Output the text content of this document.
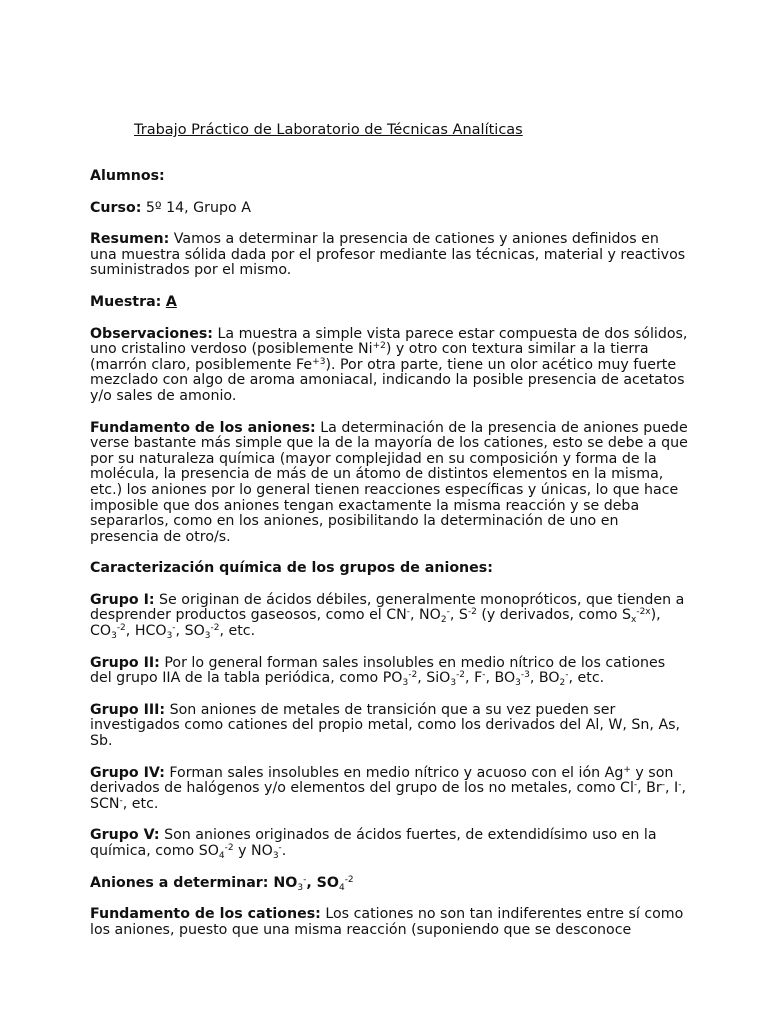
Trabajo Práctico de Laboratorio de Técnicas Analíticas

Alumnos:

Curso: 5º 14, Grupo A

Resumen: Vamos a determinar la presencia de cationes y aniones definidos en una muestra sólida dada por el profesor mediante las técnicas, material y reactivos suministrados por el mismo.

Muestra: A

Observaciones: La muestra a simple vista parece estar compuesta de dos sólidos, uno cristalino verdoso (posiblemente $Ni^{+2}$) y otro con textura similar a la tierra (marrón claro, posiblemente $Fe^{+3}$). Por otra parte, tiene un olor acético muy fuerte mezclado con algo de aroma amoniacal, indicando la posible presencia de acetatos y/o sales de amonio.

Fundamento de los aniones: La determinación de la presencia de aniones puede verse bastante más simple que la de la mayoría de los cationes, esto se debe a que por su naturaleza química (mayor complejidad en su composición y forma de la molécula, la presencia de más de un átomo de distintos elementos en la misma, etc.) los aniones por lo general tienen reacciones específicas y únicas, lo que hace imposible que dos aniones tengan exactamente la misma reacción y se deba separarlos, como en los aniones, posibilitando la determinación de uno en presencia de otro/s.

Caracterización química de los grupos de aniones:

Grupo I: Se originan de ácidos débiles, generalmente monopróticos, que tienden a desprender productos gaseosos, como el CN-, $NO_2^-$, $S^{-2}$ (y derivados, como $S_x^{-2x}$), $CO_3^{-2}$, $HCO_3^-$, $SO_3^{-2}$, etc.

Grupo II: Por lo general forman sales insolubles en medio nítrico de los cationes del grupo IIA de la tabla periódica, como $PO_3^{-2}$, SiO$_3^{-2}$, F-, $BO_3^{-3}$, $BO_2^-$, etc.

Grupo III: Son aniones de metales de transición que a su vez pueden ser investigados como cationes del propio metal, como los derivados del Al, W, Sn, As, Sb.

Grupo IV: Forman sales insolubles en medio nítrico y acuoso con el ión Ag+ y son derivados de halógenos y/o elementos del grupo de los no metales, como Cl-, Br-, I-, SCN-, etc.

Grupo V: Son aniones originados de ácidos fuertes, de extendidísimo uso en la química, como $SO_4^{-2}$ y $NO_3^-$.

Aniones a determinar: $NO_3^-$, $SO_4^{-2}$

Fundamento de los cationes: Los cationes no son tan indiferentes entre sí como los aniones, puesto que una misma reacción (suponiendo que se desconoce
